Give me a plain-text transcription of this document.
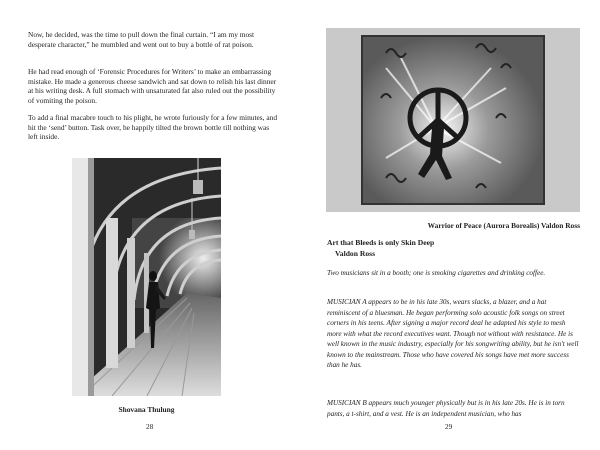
Now, he decided, was the time to pull down the final curtain. “I am my most desperate character,” he mumbled and went out to buy a bottle of rat poison.

He had read enough of ‘Forensic Procedures for Writers’ to make an embarrassing mistake. He made a generous cheese sandwich and sat down to relish his last dinner at his writing desk. A full stomach with unsaturated fat also ruled out the possibility of vomiting the poison.

To add a final macabre touch to his plight, he wrote furiously for a few minutes, and hit the ‘send’ button. Task over, he happily tilted the brown bottle till nothing was left inside.

Shovana Thulung
28
Warrior of Peace (Aurora Borealis) Valdon Ross

Art that Bleeds is only Skin Deep

Valdon Ross

Two musicians sit in a booth; one is smoking cigarettes and drinking coffee.

MUSICIAN A appears to be in his late 30s, wears slacks, a blazer, and a hat reminiscent of a bluesman. He began performing solo acoustic folk songs on street corners in his teens. After signing a major record deal he adapted his style to mesh more with what the record executives want. Though not without with resistance. He is well known in the music industry, especially for his songwriting ability, but he isn't well known to the mainstream. Those who have covered his songs have met more success than he has.

MUSICIAN B appears much younger physically but is in his late 20s. He is in torn pants, a t-shirt, and a vest. He is an independent musician, who has

29
